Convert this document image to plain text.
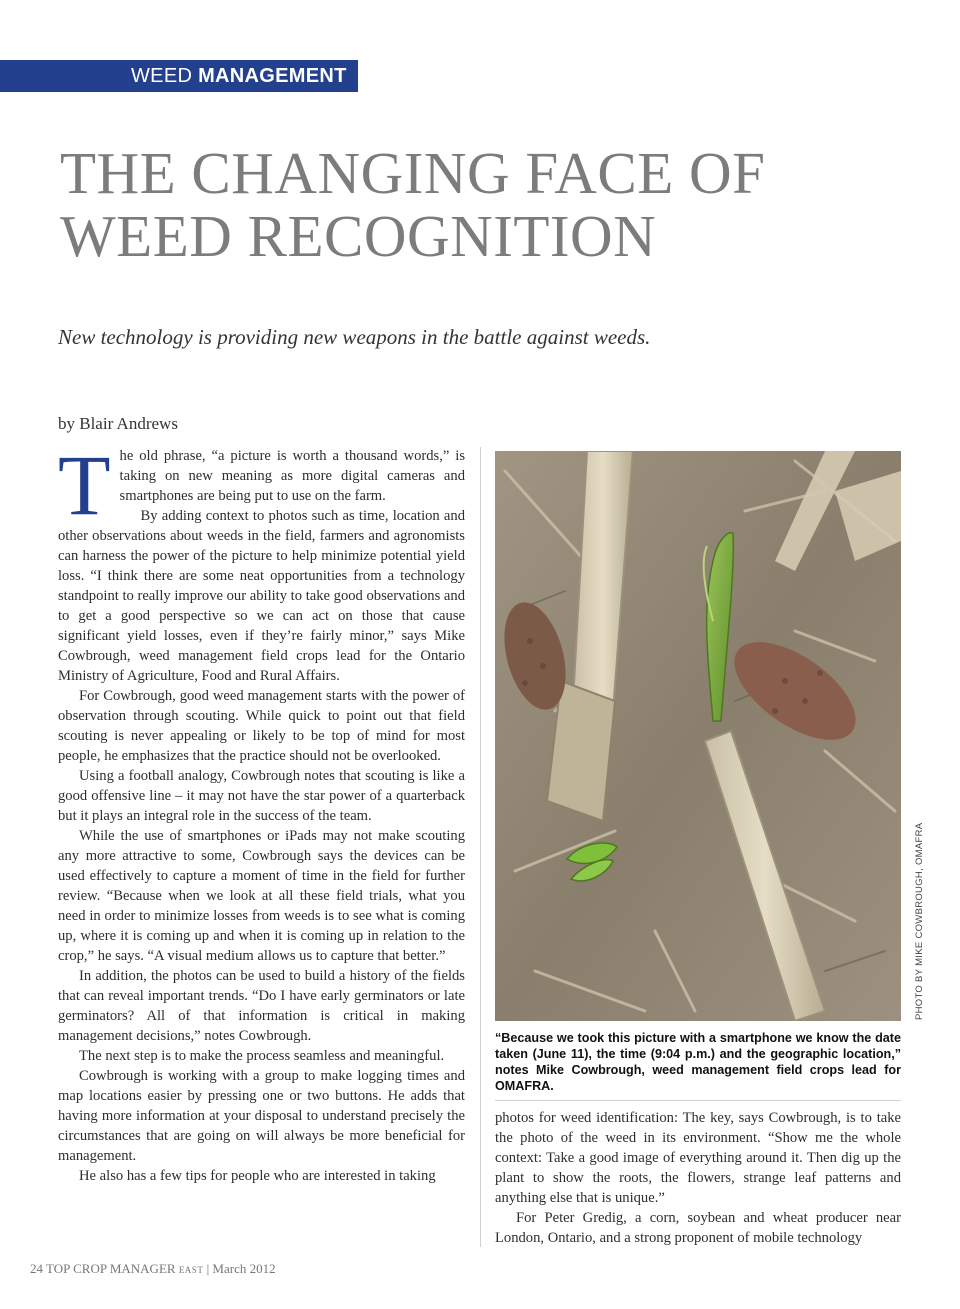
WEED MANAGEMENT
THE CHANGING FACE OF
WEED RECOGNITION

New technology is providing new weapons in the battle against weeds.

by Blair Andrews

The old phrase, “a picture is worth a thousand words,” is taking on new meaning as more digital cameras and smartphones are being put to use on the farm.

By adding context to photos such as time, location and other observations about weeds in the field, farmers and agronomists can harness the power of the picture to help minimize potential yield loss. “I think there are some neat opportunities from a technology standpoint to really improve our ability to take good observations and to get a good perspective so we can act on those that cause significant yield losses, even if they’re fairly minor,” says Mike Cowbrough, weed management field crops lead for the Ontario Ministry of Agriculture, Food and Rural Affairs.

For Cowbrough, good weed management starts with the power of observation through scouting. While quick to point out that field scouting is never appealing or likely to be top of mind for most people, he emphasizes that the practice should not be overlooked.

Using a football analogy, Cowbrough notes that scouting is like a good offensive line – it may not have the star power of a quarterback but it plays an integral role in the success of the team.

While the use of smartphones or iPads may not make scouting any more attractive to some, Cowbrough says the devices can be used effectively to capture a moment of time in the field for further review. “Because when we look at all these field trials, what you need in order to minimize losses from weeds is to see what is coming up, where it is coming up and when it is coming up in relation to the crop,” he says. “A visual medium allows us to capture that better.”

In addition, the photos can be used to build a history of the fields that can reveal important trends. “Do I have early germinators or late germinators? All of that information is critical in making management decisions,” notes Cowbrough.

The next step is to make the process seamless and meaningful.

Cowbrough is working with a group to make logging times and map locations easier by pressing one or two buttons. He adds that having more information at your disposal to understand precisely the circumstances that are going on will always be more beneficial for management.

He also has a few tips for people who are interested in taking

PHOTO BY MIKE COWBROUGH, OMAFRA
“Because we took this picture with a smartphone we know the date taken (June 11), the time (9:04 p.m.) and the geographic location,” notes Mike Cowbrough, weed management field crops lead for OMAFRA.

photos for weed identification: The key, says Cowbrough, is to take the photo of the weed in its environment. “Show me the whole context: Take a good image of everything around it. Then dig up the plant to show the roots, the flowers, strange leaf patterns and anything else that is unique.”

For Peter Gredig, a corn, soybean and wheat producer near London, Ontario, and a strong proponent of mobile technology

24 TOP CROP MANAGER EAST | March 2012
